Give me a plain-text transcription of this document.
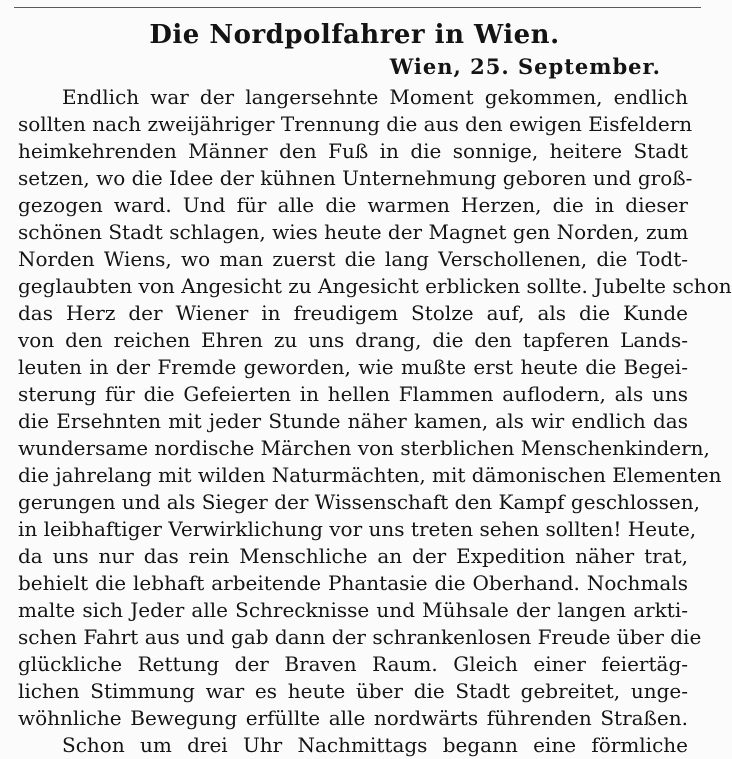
Die Nordpolfahrer in Wien.
Wien, 25. September.
Endlich war der langersehnte Moment gekommen, endlich
sollten nach zweijähriger Trennung die aus den ewigen Eisfeldern
heimkehrenden Männer den Fuß in die sonnige, heitere Stadt
setzen, wo die Idee der kühnen Unternehmung geboren und groß-
gezogen ward. Und für alle die warmen Herzen, die in dieser
schönen Stadt schlagen, wies heute der Magnet gen Norden, zum
Norden Wiens, wo man zuerst die lang Verschollenen, die Todt-
geglaubten von Angesicht zu Angesicht erblicken sollte. Jubelte schon
das Herz der Wiener in freudigem Stolze auf, als die Kunde
von den reichen Ehren zu uns drang, die den tapferen Lands-
leuten in der Fremde geworden, wie mußte erst heute die Begei-
sterung für die Gefeierten in hellen Flammen auflodern, als uns
die Ersehnten mit jeder Stunde näher kamen, als wir endlich das
wundersame nordische Märchen von sterblichen Menschenkindern,
die jahrelang mit wilden Naturmächten, mit dämonischen Elementen
gerungen und als Sieger der Wissenschaft den Kampf geschlossen,
in leibhaftiger Verwirklichung vor uns treten sehen sollten! Heute,
da uns nur das rein Menschliche an der Expedition näher trat,
behielt die lebhaft arbeitende Phantasie die Oberhand. Nochmals
malte sich Jeder alle Schrecknisse und Mühsale der langen arkti-
schen Fahrt aus und gab dann der schrankenlosen Freude über die
glückliche Rettung der Braven Raum. Gleich einer feiertäg-
lichen Stimmung war es heute über die Stadt gebreitet, unge-
wöhnliche Bewegung erfüllte alle nordwärts führenden Straßen.
Schon um drei Uhr Nachmittags begann eine förmliche
